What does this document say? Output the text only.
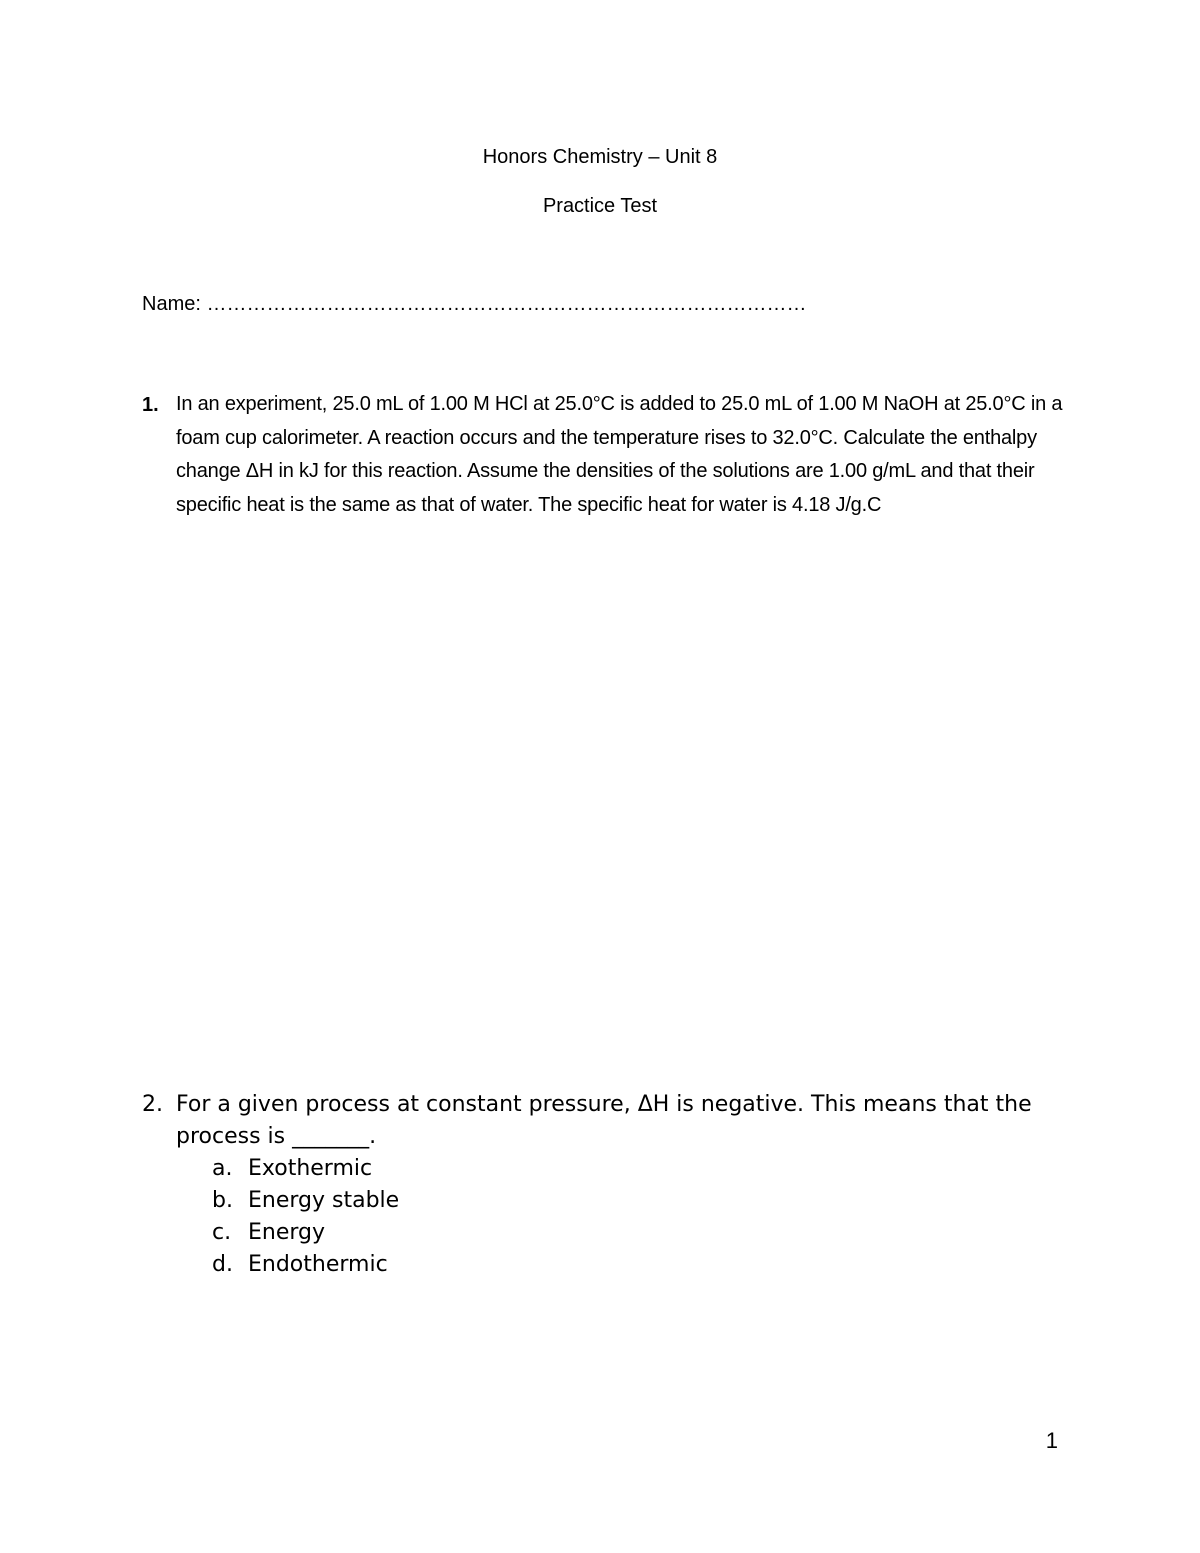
Honors Chemistry – Unit 8
Practice Test
Name: ………………………………………………………………………………
1. In an experiment, 25.0 mL of 1.00 M HCl at 25.0°C is added to 25.0 mL of 1.00 M NaOH at 25.0°C in a foam cup calorimeter. A reaction occurs and the temperature rises to 32.0°C. Calculate the enthalpy change ΔH in kJ for this reaction. Assume the densities of the solutions are 1.00 g/mL and that their specific heat is the same as that of water. The specific heat for water is 4.18 J/g.C
2. For a given process at constant pressure, ΔH is negative. This means that the process is _______.
a. Exothermic
b. Energy stable
c. Energy
d. Endothermic
1
